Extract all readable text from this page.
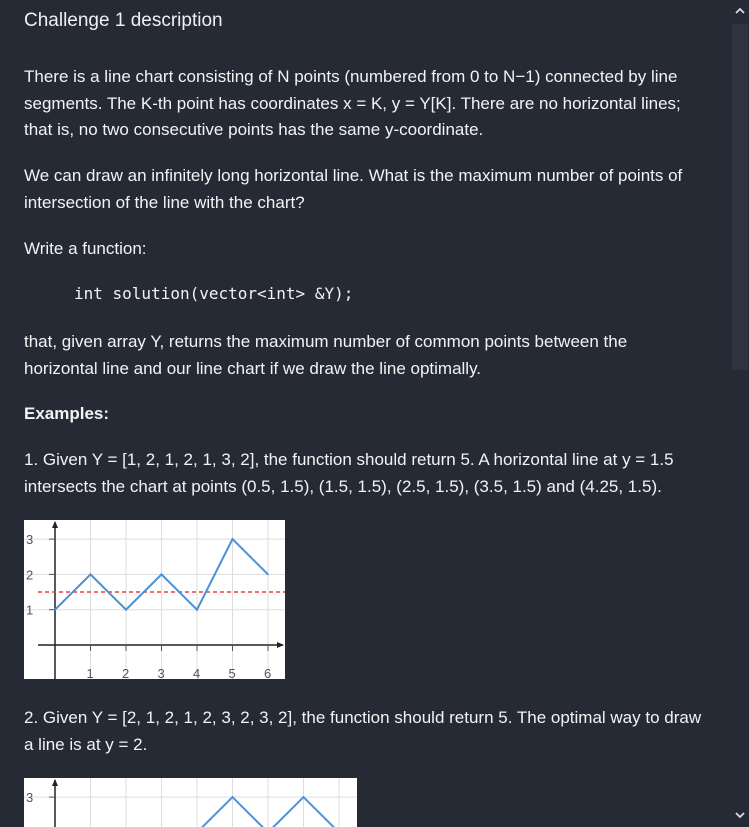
Challenge 1 description
There is a line chart consisting of N points (numbered from 0 to N−1) connected by line segments. The K-th point has coordinates x = K, y = Y[K]. There are no horizontal lines; that is, no two consecutive points has the same y-coordinate.
We can draw an infinitely long horizontal line. What is the maximum number of points of intersection of the line with the chart?
Write a function:
int solution(vector<int> &Y);
that, given array Y, returns the maximum number of common points between the horizontal line and our line chart if we draw the line optimally.
Examples:
1. Given Y = [1, 2, 1, 2, 1, 3, 2], the function should return 5. A horizontal line at y = 1.5 intersects the chart at points (0.5, 1.5), (1.5, 1.5), (2.5, 1.5), (3.5, 1.5) and (4.25, 1.5).
1
2
3
1 2 3 4 5 6
2. Given Y = [2, 1, 2, 1, 2, 3, 2, 3, 2], the function should return 5. The optimal way to draw a line is at y = 2.
3
